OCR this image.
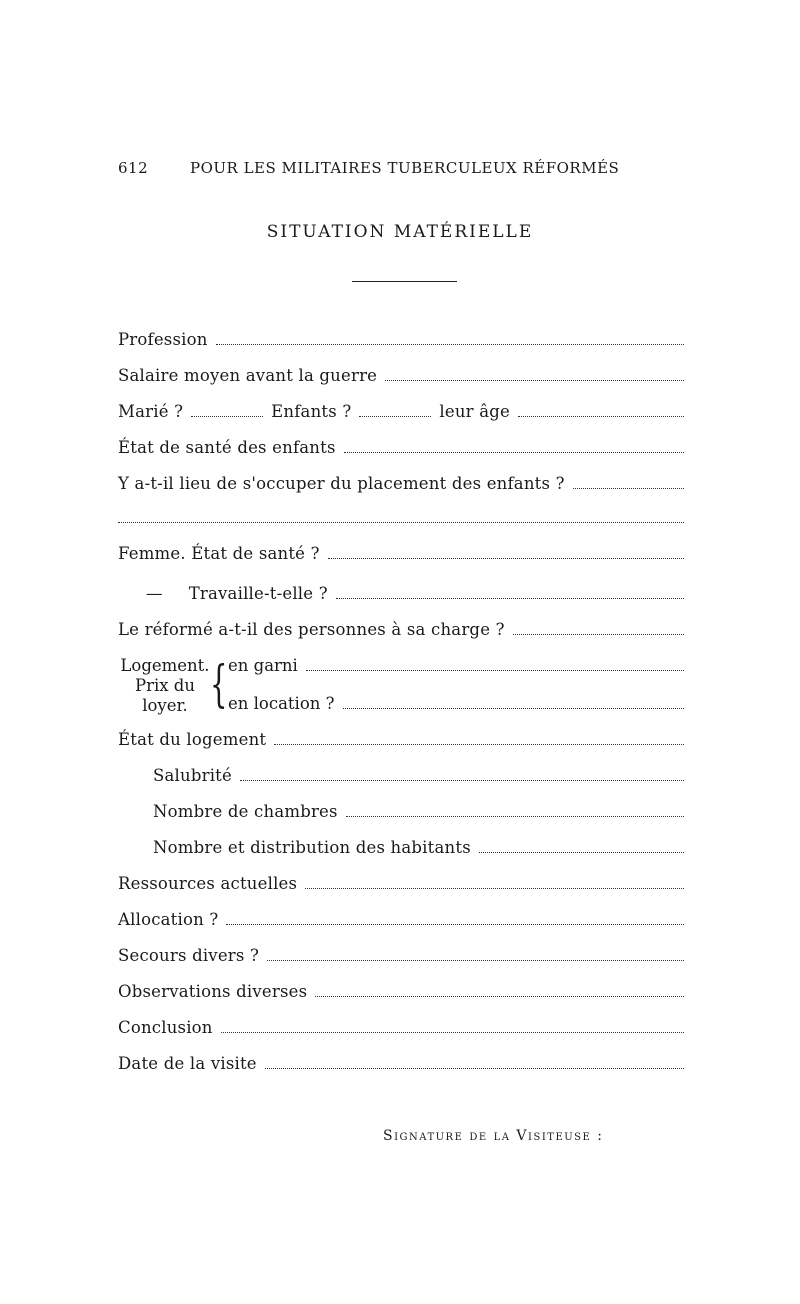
612	POUR LES MILITAIRES TUBERCULEUX RÉFORMÉS
SITUATION MATÉRIELLE
Profession
Salaire moyen avant la guerre
Marié ?	Enfants ?	leur âge
État de santé des enfants
Y a-t-il lieu de s'occuper du placement des enfants ?
Femme. État de santé ?
— Travaille-t-elle ?
Le réformé a-t-il des personnes à sa charge ?
Logement.
Prix du
loyer. { en garni
en location ?
État du logement
Salubrité
Nombre de chambres
Nombre et distribution des habitants
Ressources actuelles
Allocation ?
Secours divers ?
Observations diverses
Conclusion
Date de la visite
Signature de la Visiteuse :
